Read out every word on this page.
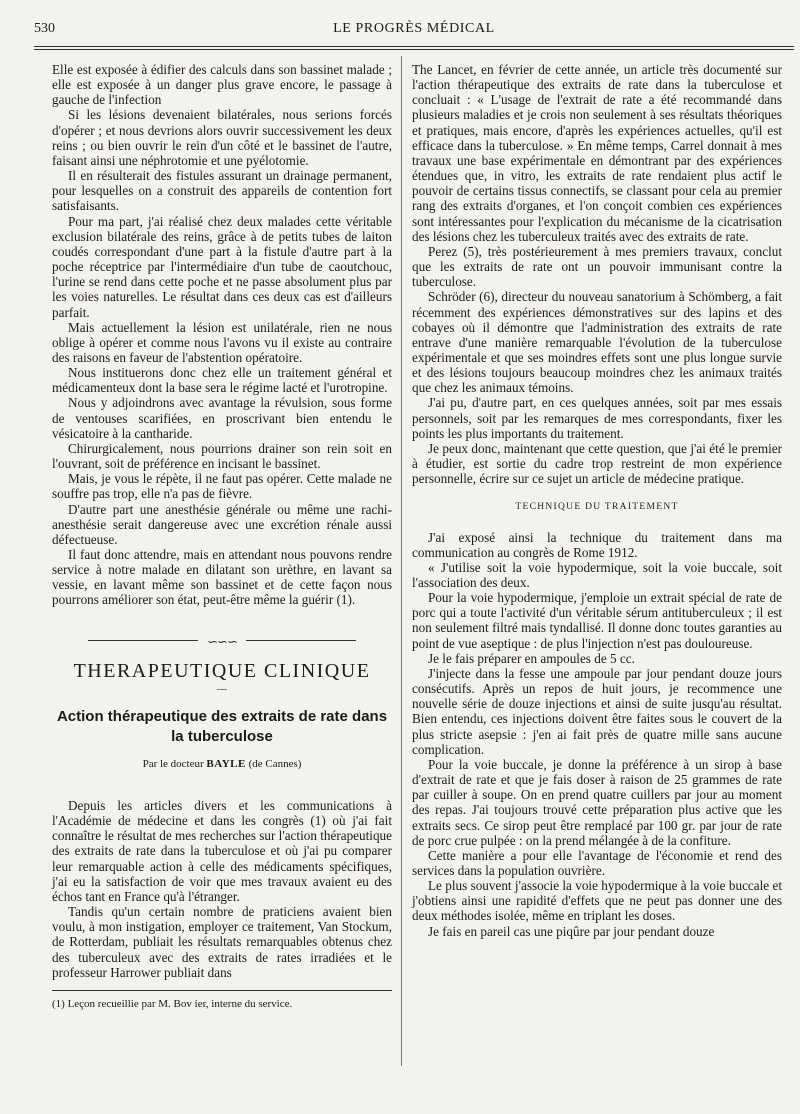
530	LE PROGRÈS MÉDICAL

Elle est exposée à édifier des calculs dans son bassinet malade ; elle est exposée à un danger plus grave encore, le passage à gauche de l'infection

Si les lésions devenaient bilatérales, nous serions forcés d'opérer ; et nous devrions alors ouvrir successivement les deux reins ; ou bien ouvrir le rein d'un côté et le bassinet de l'autre, faisant ainsi une néphrotomie et une pyélotomie.

Il en résulterait des fistules assurant un drainage permanent, pour lesquelles on a construit des appareils de contention fort satisfaisants.

Pour ma part, j'ai réalisé chez deux malades cette véritable exclusion bilatérale des reins, grâce à de petits tubes de laiton coudés correspondant d'une part à la fistule d'autre part à la poche réceptrice par l'intermédiaire d'un tube de caoutchouc, l'urine se rend dans cette poche et ne passe absolument plus par les voies naturelles. Le résultat dans ces deux cas est d'ailleurs parfait.

Mais actuellement la lésion est unilatérale, rien ne nous oblige à opérer et comme nous l'avons vu il existe au contraire des raisons en faveur de l'abstention opératoire.

Nous instituerons donc chez elle un traitement général et médicamenteux dont la base sera le régime lacté et l'urotropine.

Nous y adjoindrons avec avantage la révulsion, sous forme de ventouses scarifiées, en proscrivant bien entendu le vésicatoire à la cantharide.

Chirurgicalement, nous pourrions drainer son rein soit en l'ouvrant, soit de préférence en incisant le bassinet.

Mais, je vous le répète, il ne faut pas opérer. Cette malade ne souffre pas trop, elle n'a pas de fièvre.

D'autre part une anesthésie générale ou même une rachi-anesthésie serait dangereuse avec une excrétion rénale aussi défectueuse.

Il faut donc attendre, mais en attendant nous pouvons rendre service à notre malade en dilatant son urèthre, en lavant sa vessie, en lavant même son bassinet et de cette façon nous pourrons améliorer son état, peut-être même la guérir (1).

∽∽∽
THERAPEUTIQUE CLINIQUE
—
Action thérapeutique des extraits de rate dans la tuberculose
Par le docteur BAYLE (de Cannes)

Depuis les articles divers et les communications à l'Académie de médecine et dans les congrès (1) où j'ai fait connaître le résultat de mes recherches sur l'action thérapeutique des extraits de rate dans la tuberculose et où j'ai pu comparer leur remarquable action à celle des médicaments spécifiques, j'ai eu la satisfaction de voir que mes travaux avaient eu des échos tant en France qu'à l'étranger.

Tandis qu'un certain nombre de praticiens avaient bien voulu, à mon instigation, employer ce traitement, Van Stockum, de Rotterdam, publiait les résultats remarquables obtenus chez des tuberculeux avec des extraits de rates irradiées et le professeur Harrower publiait dans

(1) Leçon recueillie par M. Bov ier, interne du service.

The Lancet, en février de cette année, un article très documenté sur l'action thérapeutique des extraits de rate dans la tuberculose et concluait : « L'usage de l'extrait de rate a été recommandé dans plusieurs maladies et je crois non seulement à ses résultats théoriques et pratiques, mais encore, d'après les expériences actuelles, qu'il est efficace dans la tuberculose. » En même temps, Carrel donnait à mes travaux une base expérimentale en démontrant par des expériences étendues que, in vitro, les extraits de rate rendaient plus actif le pouvoir de certains tissus connectifs, se classant pour cela au premier rang des extraits d'organes, et l'on conçoit combien ces expériences sont intéressantes pour l'explication du mécanisme de la cicatrisation des lésions chez les tuberculeux traités avec des extraits de rate.

Perez (5), très postérieurement à mes premiers travaux, conclut que les extraits de rate ont un pouvoir immunisant contre la tuberculose.

Schröder (6), directeur du nouveau sanatorium à Schömberg, a fait récemment des expériences démonstratives sur des lapins et des cobayes où il démontre que l'administration des extraits de rate entrave d'une manière remarquable l'évolution de la tuberculose expérimentale et que ses moindres effets sont une plus longue survie et des lésions toujours beaucoup moindres chez les animaux traités que chez les animaux témoins.

J'ai pu, d'autre part, en ces quelques années, soit par mes essais personnels, soit par les remarques de mes correspondants, fixer les points les plus importants du traitement.

Je peux donc, maintenant que cette question, que j'ai été le premier à étudier, est sortie du cadre trop restreint de mon expérience personnelle, écrire sur ce sujet un article de médecine pratique.

TECHNIQUE DU TRAITEMENT

J'ai exposé ainsi la technique du traitement dans ma communication au congrès de Rome 1912.

« J'utilise soit la voie hypodermique, soit la voie buccale, soit l'association des deux.

Pour la voie hypodermique, j'emploie un extrait spécial de rate de porc qui a toute l'activité d'un véritable sérum antituberculeux ; il est non seulement filtré mais tyndallisé. Il donne donc toutes garanties au point de vue aseptique : de plus l'injection n'est pas douloureuse.

Je le fais préparer en ampoules de 5 cc.

J'injecte dans la fesse une ampoule par jour pendant douze jours consécutifs. Après un repos de huit jours, je recommence une nouvelle série de douze injections et ainsi de suite jusqu'au résultat. Bien entendu, ces injections doivent être faites sous le couvert de la plus stricte asepsie : j'en ai fait près de quatre mille sans aucune complication.

Pour la voie buccale, je donne la préférence à un sirop à base d'extrait de rate et que je fais doser à raison de 25 grammes de rate par cuiller à soupe. On en prend quatre cuillers par jour au moment des repas. J'ai toujours trouvé cette préparation plus active que les extraits secs. Ce sirop peut être remplacé par 100 gr. par jour de rate de porc crue pulpée : on la prend mélangée à de la confiture.

Cette manière a pour elle l'avantage de l'économie et rend des services dans la population ouvrière.

Le plus souvent j'associe la voie hypodermique à la voie buccale et j'obtiens ainsi une rapidité d'effets que ne peut pas donner une des deux méthodes isolée, même en triplant les doses.

Je fais en pareil cas une piqûre par jour pendant douze
